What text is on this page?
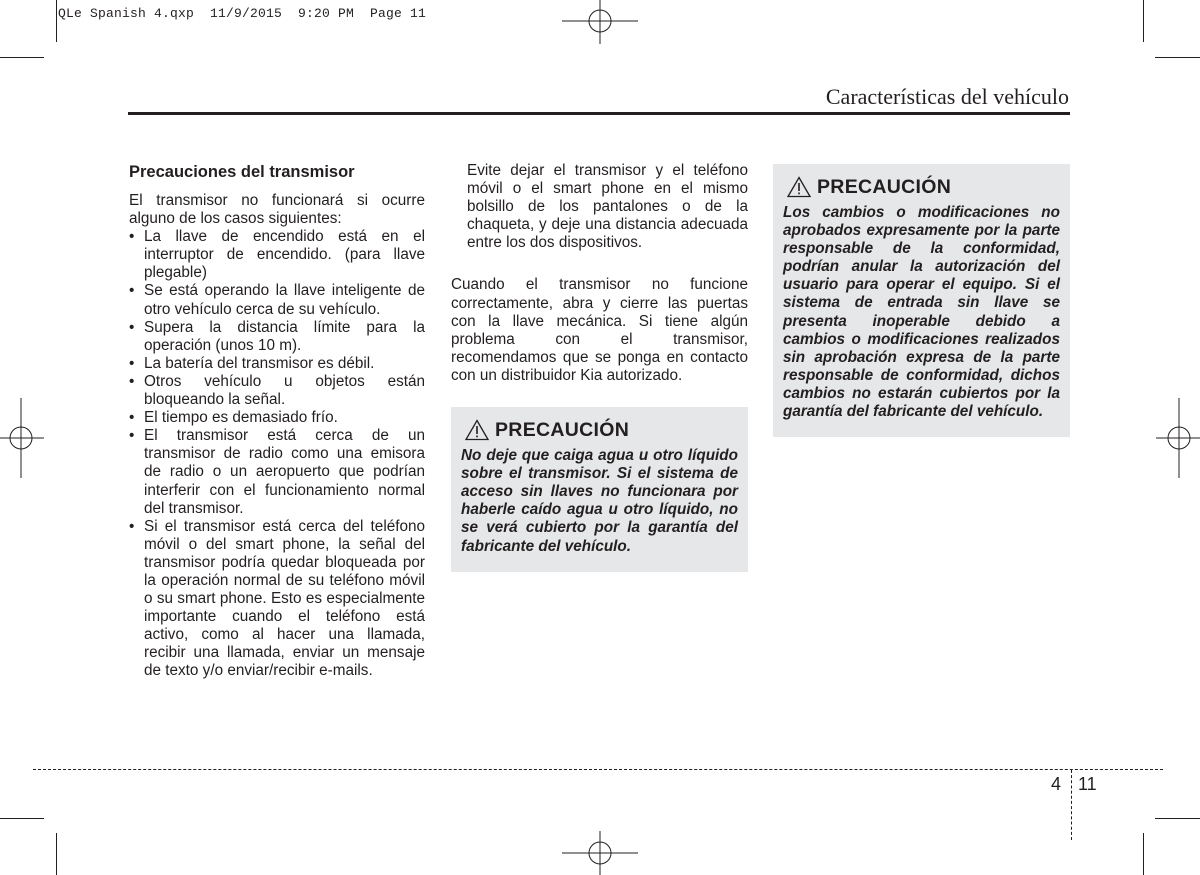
QLe Spanish 4.qxp  11/9/2015  9:20 PM  Page 11
Características del vehículo
Precauciones del transmisor

El transmisor no funcionará si ocurre alguno de los casos siguientes:

• La llave de encendido está en el interruptor de encendido. (para llave plegable)
• Se está operando la llave inteligente de otro vehículo cerca de su vehículo.
• Supera la distancia límite para la operación (unos 10 m).
• La batería del transmisor es débil.
• Otros vehículo u objetos están bloqueando la señal.
• El tiempo es demasiado frío.
• El transmisor está cerca de un transmisor de radio como una emisora de radio o un aeropuerto que podrían interferir con el funcionamiento normal del transmisor.
• Si el transmisor está cerca del teléfono móvil o del smart phone, la señal del transmisor podría quedar bloqueada por la operación normal de su teléfono móvil o su smart phone. Esto es especialmente importante cuando el teléfono está activo, como al hacer una llamada, recibir una llamada, enviar un mensaje de texto y/o enviar/recibir e-mails.

Evite dejar el transmisor y el teléfono móvil o el smart phone en el mismo bolsillo de los pantalones o de la chaqueta, y deje una distancia adecuada entre los dos dispositivos.

Cuando el transmisor no funcione correctamente, abra y cierre las puertas con la llave mecánica. Si tiene algún problema con el transmisor, recomendamos que se ponga en contacto con un distribuidor Kia autorizado.

PRECAUCIÓN
No deje que caiga agua u otro líquido sobre el transmisor. Si el sistema de acceso sin llaves no funcionara por haberle caído agua u otro líquido, no se verá cubierto por la garantía del fabricante del vehículo.
PRECAUCIÓN
Los cambios o modificaciones no aprobados expresamente por la parte responsable de la conformidad, podrían anular la autorización del usuario para operar el equipo. Si el sistema de entrada sin llave se presenta inoperable debido a cambios o modificaciones realizados sin aprobación expresa de la parte responsable de conformidad, dichos cambios no estarán cubiertos por la garantía del fabricante del vehículo.
4 11
